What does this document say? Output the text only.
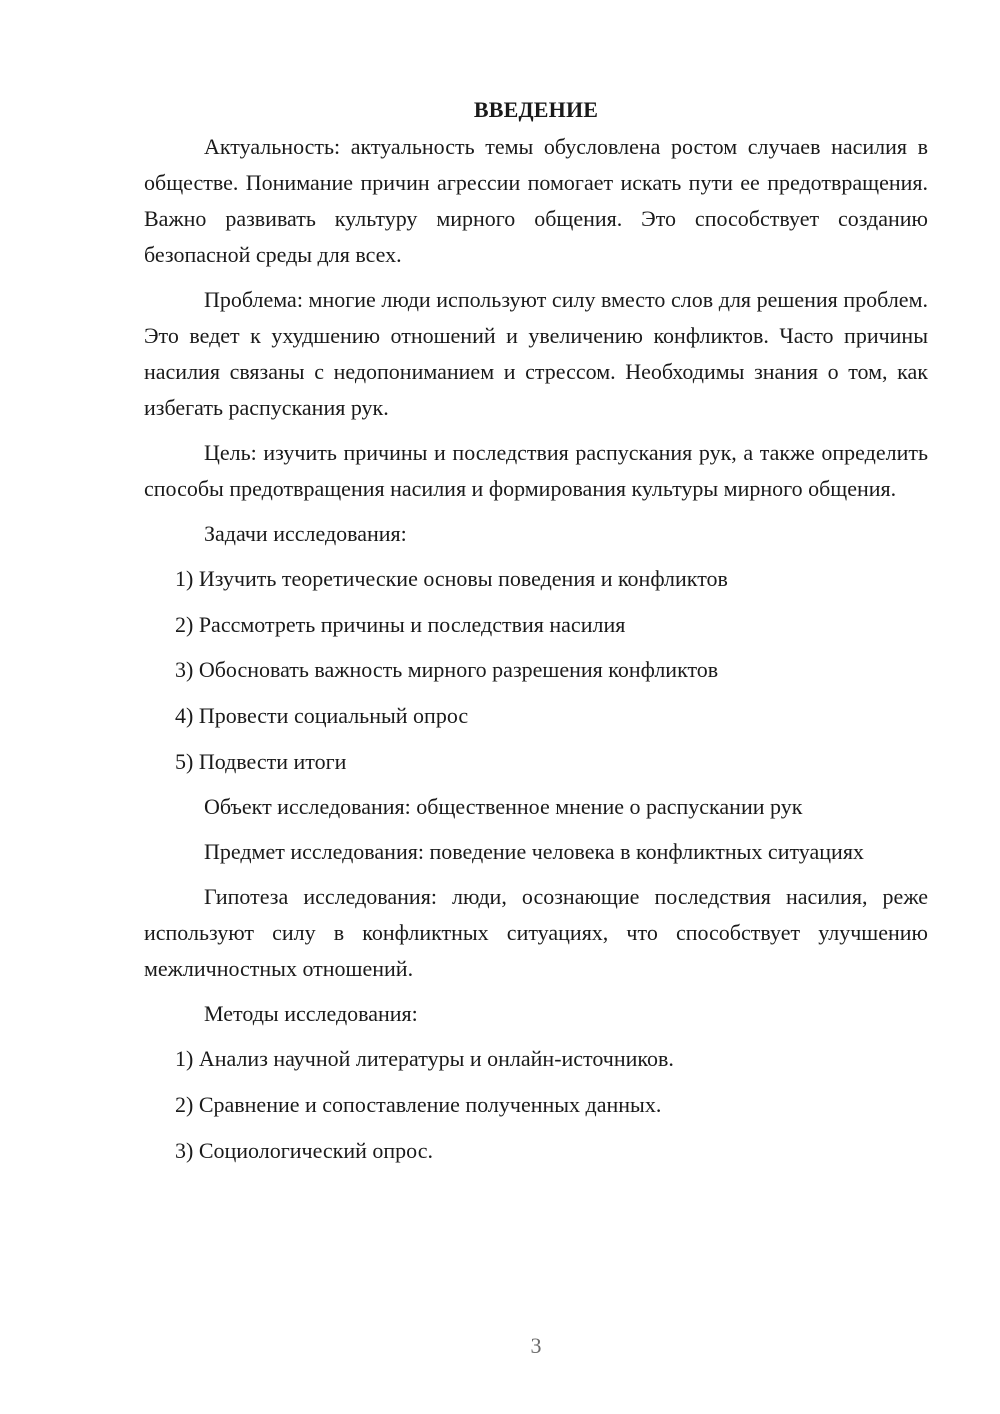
ВВЕДЕНИЕ

Актуальность: актуальность темы обусловлена ростом случаев насилия в обществе. Понимание причин агрессии помогает искать пути ее предотвращения. Важно развивать культуру мирного общения. Это способствует созданию безопасной среды для всех.

Проблема: многие люди используют силу вместо слов для решения проблем. Это ведет к ухудшению отношений и увеличению конфликтов. Часто причины насилия связаны с недопониманием и стрессом. Необходимы знания о том, как избегать распускания рук.

Цель: изучить причины и последствия распускания рук, а также определить способы предотвращения насилия и формирования культуры мирного общения.

Задачи исследования:

1) Изучить теоретические основы поведения и конфликтов
2) Рассмотреть причины и последствия насилия
3) Обосновать важность мирного разрешения конфликтов
4) Провести социальный опрос
5) Подвести итоги

Объект исследования: общественное мнение о распускании рук

Предмет исследования: поведение человека в конфликтных ситуациях

Гипотеза исследования: люди, осознающие последствия насилия, реже используют силу в конфликтных ситуациях, что способствует улучшению межличностных отношений.

Методы исследования:

1) Анализ научной литературы и онлайн-источников.
2) Сравнение и сопоставление полученных данных.
3) Социологический опрос.
3
